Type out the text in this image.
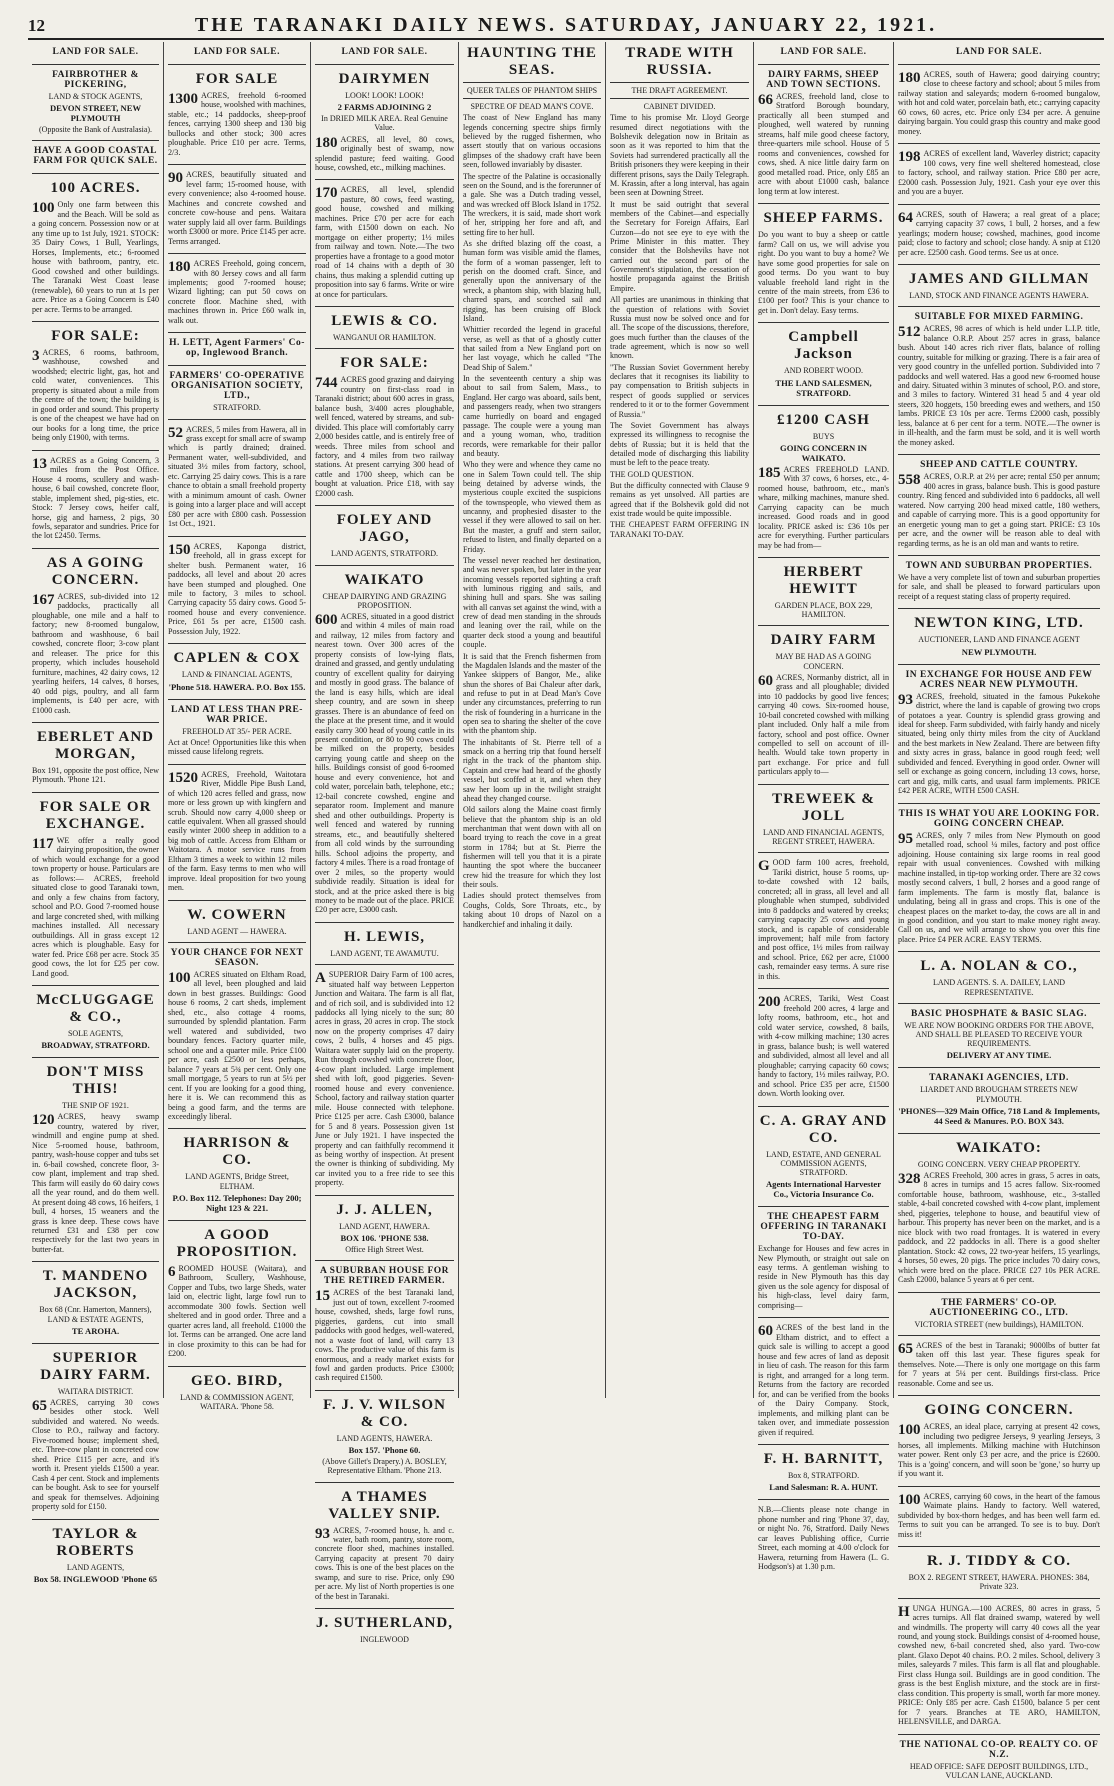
12	THE TARANAKI DAILY NEWS. SATURDAY, JANUARY 22, 1921.
LAND FOR SALE.
FAIRBROTHER & PICKERING,
LAND & STOCK AGENTS,
DEVON STREET, NEW PLYMOUTH
(Opposite the Bank of Australasia).
HAVE A GOOD COASTAL FARM FOR QUICK SALE.
100 ACRES.
100 Only one farm between this and the Beach. Will be sold as a going concern. Possession now or at any time up to 1st July, 1921. STOCK: 35 Dairy Cows, 1 Bull, Yearlings, Horses, Implements, etc.; 6-roomed house with bathroom, pantry, etc. Good cowshed and other buildings. The Taranaki West Coast lease (renewable), 60 years to run at 1s per acre. Price as a Going Concern is £40 per acre. Terms to be arranged.
FOR SALE:
3 ACRES, 6 rooms, bathroom, washhouse, cowshed and woodshed; electric light, gas, hot and cold water, conveniences. This property is situated about a mile from the centre of the town; the building is in good order and sound. This property is one of the cheapest we have had on our books for a long time, the price being only £1900, with terms.
13 ACRES as a Going Concern, 3 miles from the Post Office. House 4 rooms, scullery and wash-house, 6 bail cowshed, concrete floor, stable, implement shed, pig-sties, etc. Stock: 7 Jersey cows, heifer calf, horse, gig and harness, 2 pigs, 30 fowls, separator and sundries. Price for the lot £2450. Terms.
AS A GOING CONCERN.
167 ACRES, sub-divided into 12 paddocks, practically all ploughable, one mile and a half to factory; new 8-roomed bungalow, bathroom and washhouse, 6 bail cowshed, concrete floor; 3-cow plant and releaser. The price for this property, which includes household furniture, machines, 42 dairy cows, 12 yearling heifers, 14 calves, 8 horses, 40 odd pigs, poultry, and all farm implements, is £40 per acre, with £1000 cash.
EBERLET AND MORGAN,
Box 191, opposite the post office, New Plymouth. 'Phone 121.
FOR SALE OR EXCHANGE.
117 WE offer a really good dairying proposition, the owner of which would exchange for a good town property or house. Particulars are as follows:— ACRES, freehold situated close to good Taranaki town, and only a few chains from factory, school and P.O. Good 7-roomed house and large concreted shed, with milking machines installed. All necessary outbuildings. All in grass except 12 acres which is ploughable. Easy for water fed. Price £68 per acre. Stock 35 good cows, the lot for £25 per cow. Land good.
McCLUGGAGE & CO.,
SOLE AGENTS,
BROADWAY, STRATFORD.
DON'T MISS THIS!
THE SNIP OF 1921.
120 ACRES, heavy swamp country, watered by river, windmill and engine pump at shed. Nice 5-roomed house, bathroom, pantry, wash-house copper and tubs set in. 6-bail cowshed, concrete floor, 3-cow plant, implement and trap shed. This farm will easily do 60 dairy cows all the year round, and do them well. At present doing 48 cows, 16 heifers, 1 bull, 4 horses, 15 weaners and the grass is knee deep. These cows have returned £31 and £38 per cow respectively for the last two years in butter-fat.
T. MANDENO JACKSON,
Box 68 (Cnr. Hamerton, Manners), LAND & ESTATE AGENTS,
TE AROHA.
SUPERIOR DAIRY FARM.
WAITARA DISTRICT.
65 ACRES, carrying 30 cows besides other stock. Well subdivided and watered. No weeds. Close to P.O., railway and factory. Five-roomed house; implement shed, etc. Three-cow plant in concreted cow shed. Price £115 per acre, and it's worth it. Present yields £1500 a year. Cash 4 per cent. Stock and implements can be bought. Ask to see for yourself and speak for themselves. Adjoining property sold for £150.
TAYLOR & ROBERTS
LAND AGENTS,
Box 58. INGLEWOOD 'Phone 65
LAND FOR SALE.
FOR SALE
1300 ACRES, freehold 6-roomed house, woolshed with machines, stable, etc.; 14 paddocks, sheep-proof fences, carrying 1300 sheep and 130 big bullocks and other stock; 300 acres ploughable. Price £10 per acre. Terms, 2/3.
90 ACRES, beautifully situated and level farm; 15-roomed house, with every convenience; also 4-roomed house. Machines and concrete cowshed and concrete cow-house and pens. Waitara water supply laid all over farm. Buildings worth £3000 or more. Price £145 per acre. Terms arranged.
180 ACRES Freehold, going concern, with 80 Jersey cows and all farm implements; good 7-roomed house; Wizard lighting; can put 50 cows on concrete floor. Machine shed, with machines thrown in. Price £60 walk in, walk out.
H. LETT, Agent Farmers' Co-op, Inglewood Branch.
FARMERS' CO-OPERATIVE ORGANISATION SOCIETY, LTD.,
STRATFORD.
52 ACRES, 5 miles from Hawera, all in grass except for small acre of swamp which is partly drained; drained. Permanent water, well-subdivided, and situated 3½ miles from factory, school, etc. Carrying 25 dairy cows. This is a rare chance to obtain a small freehold property with a minimum amount of cash. Owner is going into a larger place and will accept £80 per acre with £800 cash. Possession 1st Oct., 1921.
150 ACRES, Kaponga district, freehold, all in grass except for shelter bush. Permanent water, 16 paddocks, all level and about 20 acres have been stumped and ploughed. One mile to factory, 3 miles to school. Carrying capacity 55 dairy cows. Good 5-roomed house and every convenience. Price, £61 5s per acre, £1500 cash. Possession July, 1922.
CAPLEN & COX
LAND & FINANCIAL AGENTS,
'Phone 518. HAWERA. P.O. Box 155.
LAND AT LESS THAN PRE-WAR PRICE.
FREEHOLD AT 35/- PER ACRE.
Act at Once! Opportunities like this when missed cause lifelong regrets.
1520 ACRES, Freehold, Waitotara River, Middle Pipe Bush Land, of which 120 acres felled and grass, now more or less grown up with kingfern and scrub. Should now carry 4,000 sheep or cattle equivalent. When all grassed should easily winter 2000 sheep in addition to a big mob of cattle. Access from Eltham or Waitotara. A motor service runs from Eltham 3 times a week to within 12 miles of the farm. Easy terms to men who will improve. Ideal proposition for two young men.
W. COWERN
LAND AGENT — HAWERA.
YOUR CHANCE FOR NEXT SEASON.
100 ACRES situated on Eltham Road, all level, been ploughed and laid down in best grasses. Buildings: Good house 6 rooms, 2 cart sheds, implement shed, etc., also cottage 4 rooms, surrounded by splendid plantation. Farm well watered and subdivided, two boundary fences. Factory quarter mile, school one and a quarter mile. Price £100 per acre, cash £2500 or less perhaps, balance 7 years at 5¾ per cent. Only one small mortgage, 5 years to run at 5½ per cent. If you are looking for a good thing, here it is. We can recommend this as being a good farm, and the terms are exceedingly liberal.
HARRISON & CO.
LAND AGENTS, Bridge Street, ELTHAM.
P.O. Box 112. Telephones: Day 200; Night 123 & 221.
A GOOD PROPOSITION.
6 ROOMED HOUSE (Waitara), and Bathroom, Scullery, Washhouse, Copper and Tubs, two large Sheds, water laid on, electric light, large fowl run to accommodate 300 fowls. Section well sheltered and in good order. Three and a quarter acres land, all freehold. £1000 the lot. Terms can be arranged. One acre land in close proximity to this can be had for £200.
GEO. BIRD,
LAND & COMMISSION AGENT, WAITARA. 'Phone 58.
LAND FOR SALE.
DAIRYMEN
LOOK! LOOK! LOOK!
2 FARMS ADJOINING 2
In DRIED MILK AREA. Real Genuine Value.
180 ACRES, all level, 80 cows, originally best of swamp, now splendid pasture; feed waiting. Good house, cowshed, etc., milking machines.
170 ACRES, all level, splendid pasture, 80 cows, feed wasting, good house, cowshed and milking machines. Price £70 per acre for each farm, with £1500 down on each. No mortgage on either property; 1½ miles from railway and town. Note.—The two properties have a frontage to a good motor road of 14 chains with a depth of 30 chains, thus making a splendid cutting up proposition into say 6 farms. Write or wire at once for particulars.
LEWIS & CO.
WANGANUI OR HAMILTON.
FOR SALE:
744 ACRES good grazing and dairying country on first-class road in Taranaki district; about 600 acres in grass, balance bush, 3/400 acres ploughable, well fenced, watered by streams, and sub-divided. This place will comfortably carry 2,000 besides cattle, and is entirely free of weeds. Three miles from school and factory, and 4 miles from two railway stations. At present carrying 300 head of cattle and 1700 sheep, which can be bought at valuation. Price £18, with say £2000 cash.
FOLEY AND JAGO,
LAND AGENTS, STRATFORD.
WAIKATO
CHEAP DAIRYING AND GRAZING PROPOSITION.
600 ACRES, situated in a good district and within 4 miles of main road and railway, 12 miles from factory and nearest town. Over 300 acres of the property consists of low-lying flats, drained and grassed, and gently undulating country of excellent quality for dairying and mostly in good grass. The balance of the land is easy hills, which are ideal sheep country, and are sown in sheep grasses. There is an abundance of feed on the place at the present time, and it would easily carry 300 head of young cattle in its present condition, or 80 to 90 cows could be milked on the property, besides carrying young cattle and sheep on the hills. Buildings consist of good 6-roomed house and every convenience, hot and cold water, porcelain bath, telephone, etc.; 12-bail concrete cowshed, engine and separator room. Implement and manure shed and other outbuildings. Property is well fenced and watered by running streams, etc., and beautifully sheltered from all cold winds by the surrounding hills. School adjoins the property, and factory 4 miles. There is a road frontage of over 2 miles, so the property would subdivide readily. Situation is ideal for stock, and at the price asked there is big money to be made out of the place. PRICE £20 per acre, £3000 cash.
H. LEWIS,
LAND AGENT, TE AWAMUTU.
ASUPERIOR Dairy Farm of 100 acres, situated half way between Lepperton Junction and Waitara. The farm is all flat, and of rich soil, and is subdivided into 12 paddocks all lying nicely to the sun; 80 acres in grass, 20 acres in crop. The stock now on the property comprises 47 dairy cows, 2 bulls, 4 horses and 45 pigs. Waitara water supply laid on the property. Run through cowshed with concrete floor, 4-cow plant included. Large implement shed with loft, good piggeries. Seven-roomed house and every convenience. School, factory and railway station quarter mile. House connected with telephone. Price £125 per acre. Cash £3000, balance for 5 and 8 years. Possession given 1st June or July 1921. I have inspected the property and can faithfully recommend it as being worthy of inspection. At present the owner is thinking of subdividing. My car invited you to a free ride to see this property.
J. J. ALLEN,
LAND AGENT, HAWERA.
BOX 106. 'PHONE 538.
Office High Street West.
A SUBURBAN HOUSE FOR THE RETIRED FARMER.
15 ACRES of the best Taranaki land, just out of town, excellent 7-roomed house, cowshed, sheds, large fowl runs, piggeries, gardens, cut into small paddocks with good hedges, well-watered, not a waste foot of land, will carry 13 cows. The productive value of this farm is enormous, and a ready market exists for fowl and garden products. Price £3000; cash required £1500.
F. J. V. WILSON & CO.
LAND AGENTS, HAWERA.
Box 157. 'Phone 60.
(Above Gillet's Drapery.) A. BOSLEY, Representative Eltham. 'Phone 213.
A THAMES VALLEY SNIP.
93 ACRES, 7-roomed house, h. and c. water, bath room, pantry, store room, concrete floor shed, machines installed. Carrying capacity at present 70 dairy cows. This is one of the best places on the swamp, and sure to rise. Price, only £90 per acre. My list of North properties is one of the best in Taranaki.
J. SUTHERLAND,
INGLEWOOD
HAUNTING THE SEAS.
QUEER TALES OF PHANTOM SHIPS
SPECTRE OF DEAD MAN'S COVE.
The coast of New England has many legends concerning spectre ships firmly believed by the rugged fishermen, who assert stoutly that on various occasions glimpses of the shadowy craft have been seen, followed invariably by disaster.
The spectre of the Palatine is occasionally seen on the Sound, and is the forerunner of a gale. She was a Dutch trading vessel, and was wrecked off Block Island in 1752. The wreckers, it is said, made short work of her, stripping her fore and aft, and setting fire to her hull.
As she drifted blazing off the coast, a human form was visible amid the flames, the form of a woman passenger, left to perish on the doomed craft. Since, and generally upon the anniversary of the wreck, a phantom ship, with blazing hull, charred spars, and scorched sail and rigging, has been cruising off Block Island.
Whittier recorded the legend in graceful verse, as well as that of a ghostly cutter that sailed from a New England port on her last voyage, which he called "The Dead Ship of Salem."
In the seventeenth century a ship was about to sail from Salem, Mass., to England. Her cargo was aboard, sails bent, and passengers ready, when two strangers came hurriedly on board and engaged passage. The couple were a young man and a young woman, who, tradition records, were remarkable for their pallor and beauty.
Who they were and whence they came no one in Salem Town could tell. The ship being detained by adverse winds, the mysterious couple excited the suspicions of the townspeople, who viewed them as uncanny, and prophesied disaster to the vessel if they were allowed to sail on her. But the master, a gruff and stern sailor, refused to listen, and finally departed on a Friday.
The vessel never reached her destination, and was never spoken, but later in the year incoming vessels reported sighting a craft with luminous rigging and sails, and shining hull and spars. She was sailing with all canvas set against the wind, with a crew of dead men standing in the shrouds and leaning over the rail, while on the quarter deck stood a young and beautiful couple.
It is said that the French fishermen from the Magdalen Islands and the master of the Yankee skippers of Bangor, Me., alike shun the shores of Bai Chaleur after dark, and refuse to put in at Dead Man's Cove under any circumstances, preferring to run the risk of foundering in a hurricane in the open sea to sharing the shelter of the cove with the phantom ship.
The inhabitants of St. Pierre tell of a smack on a herring trip that found herself right in the track of the phantom ship. Captain and crew had heard of the ghostly vessel, but scoffed at it, and when they saw her loom up in the twilight straight ahead they changed course.
Old sailors along the Maine coast firmly believe that the phantom ship is an old merchantman that went down with all on board trying to reach the cove in a great storm in 1784; but at St. Pierre the fishermen will tell you that it is a pirate haunting the spot where the buccaneer crew hid the treasure for which they lost their souls.
Ladies should protect themselves from Coughs, Colds, Sore Throats, etc., by taking about 10 drops of Nazol on a handkerchief and inhaling it daily.
TRADE WITH RUSSIA.
THE DRAFT AGREEMENT.
CABINET DIVIDED.
Time to his promise Mr. Lloyd George resumed direct negotiations with the Bolshevik delegation now in Britain as soon as it was reported to him that the Soviets had surrendered practically all the British prisoners they were keeping in their different prisons, says the Daily Telegraph. M. Krassin, after a long interval, has again been seen at Downing Street.
It must be said outright that several members of the Cabinet—and especially the Secretary for Foreign Affairs, Earl Curzon—do not see eye to eye with the Prime Minister in this matter. They consider that the Bolsheviks have not carried out the second part of the Government's stipulation, the cessation of hostile propaganda against the British Empire.
All parties are unanimous in thinking that the question of relations with Soviet Russia must now be solved once and for all. The scope of the discussions, therefore, goes much further than the clauses of the trade agreement, which is now so well known.
"The Russian Soviet Government hereby declares that it recognises its liability to pay compensation to British subjects in respect of goods supplied or services rendered to it or to the former Government of Russia."
The Soviet Government has always expressed its willingness to recognise the debts of Russia; but it is held that the detailed mode of discharging this liability must be left to the peace treaty.
THE GOLD QUESTION.
But the difficulty connected with Clause 9 remains as yet unsolved. All parties are agreed that if the Bolshevik gold did not exist trade would be quite impossible.
THE CHEAPEST FARM OFFERING IN TARANAKI TO-DAY.
LAND FOR SALE.
DAIRY FARMS, SHEEP AND TOWN SECTIONS.
66 ACRES, freehold land, close to Stratford Borough boundary, practically all been stumped and ploughed, well watered by running streams, half mile good cheese factory, three-quarters mile school. House of 5 rooms and conveniences, cowshed for cows, shed. A nice little dairy farm on good metalled road. Price, only £85 an acre with about £1000 cash, balance long term at low interest.
SHEEP FARMS.
Do you want to buy a sheep or cattle farm? Call on us, we will advise you right. Do you want to buy a home? We have some good properties for sale on good terms. Do you want to buy valuable freehold land right in the centre of the main streets, from £36 to £100 per foot? This is your chance to get in. Don't delay. Easy terms.
Campbell Jackson
AND ROBERT WOOD.
THE LAND SALESMEN, STRATFORD.
£1200 CASH
BUYS
GOING CONCERN IN WAIKATO.
185 ACRES FREEHOLD LAND. With 37 cows, 6 horses, etc., 4-roomed house, bathroom, etc., man's whare, milking machines, manure shed. Carrying capacity can be much increased. Good roads and in good locality. PRICE asked is: £36 10s per acre for everything. Further particulars may be had from—
HERBERT HEWITT
GARDEN PLACE, BOX 229, HAMILTON.
DAIRY FARM
MAY BE HAD AS A GOING CONCERN.
60 ACRES, Normanby district, all in grass and all ploughable; divided into 10 paddocks by good live fences; carrying 40 cows. Six-roomed house, 10-bail concreted cowshed with milking plant included. Only half a mile from factory, school and post office. Owner compelled to sell on account of ill-health. Would take town property in part exchange. For price and full particulars apply to—
TREWEEK & JOLL
LAND AND FINANCIAL AGENTS, REGENT STREET, HAWERA.
GOOD farm 100 acres, freehold, Tariki district, house 5 rooms, up-to-date cowshed with 12 bails, concreted; all in grass, all level and all ploughable when stumped, subdivided into 8 paddocks and watered by creeks; carrying capacity 25 cows and young stock, and is capable of considerable improvement; half mile from factory and post office, 1½ miles from railway and school. Price, £62 per acre, £1000 cash, remainder easy terms. A sure rise in this.
200 ACRES, Tariki, West Coast freehold 200 acres, 4 large and lofty rooms, bathroom, etc., hot and cold water service, cowshed, 8 bails, with 4-cow milking machine; 130 acres in grass, balance bush; is well watered and subdivided, almost all level and all ploughable; carrying capacity 60 cows; handy to factory, 1½ miles railway, P.O. and school. Price £35 per acre, £1500 down. Worth looking over.
C. A. GRAY AND CO.
LAND, ESTATE, AND GENERAL COMMISSION AGENTS, STRATFORD.
Agents International Harvester Co., Victoria Insurance Co.
THE CHEAPEST FARM OFFERING IN TARANAKI TO-DAY.
Exchange for Houses and few acres in New Plymouth, or straight out sale on easy terms. A gentleman wishing to reside in New Plymouth has this day given us the sole agency for disposal of his high-class, level dairy farm, comprising—
60 ACRES of the best land in the Eltham district, and to effect a quick sale is willing to accept a good house and few acres of land as deposit in lieu of cash. The reason for this farm is right, and arranged for a long term. Returns from the factory are recorded for, and can be verified from the books of the Dairy Company. Stock, implements, and milking plant can be taken over, and immediate possession given if required.
F. H. BARNITT,
Box 8, STRATFORD.
Land Salesman: R. A. HUNT.
N.B.—Clients please note change in phone number and ring 'Phone 37, day, or night No. 76, Stratford. Daily News car leaves Publishing office, Currie Street, each morning at 4.00 o'clock for Hawera, returning from Hawera (L. G. Hodgson's) at 1.30 p.m.
LAND FOR SALE.
180 ACRES, south of Hawera; good dairying country; close to cheese factory and school; about 5 miles from railway station and saleyards; modern 6-roomed bungalow, with hot and cold water, porcelain bath, etc.; carrying capacity 60 cows, 60 acres, etc. Price only £34 per acre. A genuine dairying bargain. You could grasp this country and make good money.
198 ACRES of excellent land, Waverley district; capacity 100 cows, very fine well sheltered homestead, close to factory, school, and railway station. Price £80 per acre, £2000 cash. Possession July, 1921. Cash your eye over this and you are a buyer.
64 ACRES, south of Hawera; a real great of a place; carrying capacity 37 cows, 1 bull, 2 horses, and a few yearlings; modern house; cowshed, machines, good income paid; close to factory and school; close handy. A snip at £120 per acre. £2500 cash. Good terms. See us at once.
JAMES AND GILLMAN
LAND, STOCK AND FINANCE AGENTS HAWERA.
SUITABLE FOR MIXED FARMING.
512 ACRES, 98 acres of which is held under L.I.P. title, balance O.R.P. About 257 acres in grass, balance bush. About 140 acres rich river flats, balance of rolling country, suitable for milking or grazing. There is a fair area of very good country in the unfelled portion. Subdivided into 7 paddocks and well watered. Has a good new 6-roomed house and dairy. Situated within 3 minutes of school, P.O. and store, and 3 miles to factory. Wintered 31 head 5 and 4 year old steers, 320 hoggets, 150 breeding ewes and wethers, and 150 lambs. PRICE £3 10s per acre. Terms £2000 cash, possibly less, balance at 6 per cent for a term. NOTE.—The owner is in ill-health, and the farm must be sold, and it is well worth the money asked.
SHEEP AND CATTLE COUNTRY.
558 ACRES, O.R.P. at 2½ per acre; rental £50 per annum; 400 acres in grass, balance bush. This is good pasture country. Ring fenced and subdivided into 6 paddocks, all well watered. Now carrying 200 head mixed cattle, 180 wethers, and capable of carrying more. This is a good opportunity for an energetic young man to get a going start. PRICE: £3 10s per acre, and the owner will be reason able to deal with regarding terms, as he is an old man and wants to retire.
TOWN AND SUBURBAN PROPERTIES.
We have a very complete list of town and suburban properties for sale, and shall be pleased to forward particulars upon receipt of a request stating class of property required.
NEWTON KING, LTD.
AUCTIONEER, LAND AND FINANCE AGENT
NEW PLYMOUTH.
IN EXCHANGE FOR HOUSE AND FEW ACRES NEAR NEW PLYMOUTH.
93 ACRES, freehold, situated in the famous Pukekohe district, where the land is capable of growing two crops of potatoes a year. Country is splendid grass growing and ideal for sheep. Farm subdivided, with fairly handy and nicely situated, being only thirty miles from the city of Auckland and the best markets in New Zealand. There are between fifty and sixty acres in grass, balance in good rough feed; well subdivided and fenced. Everything in good order. Owner will sell or exchange as going concern, including 13 cows, horse, cart and gig, milk carts, and usual farm implements. PRICE £42 PER ACRE, WITH £500 CASH.
THIS IS WHAT YOU ARE LOOKING FOR. GOING CONCERN CHEAP.
95 ACRES, only 7 miles from New Plymouth on good metalled road, school ¼ miles, factory and post office adjoining. House containing six large rooms in real good repair with usual conveniences. Cowshed with milking machine installed, in tip-top working order. There are 32 cows mostly second calvers, 1 bull, 2 horses and a good range of farm implements. The farm is mostly flat, balance is undulating, being all in grass and crops. This is one of the cheapest places on the market to-day, the cows are all in and in good condition, and you start to make money right away. Call on us, and we will arrange to show you over this fine place. Price £4 PER ACRE. EASY TERMS.
L. A. NOLAN & CO.,
LAND AGENTS. S. A. DAILEY, LAND REPRESENTATIVE.
BASIC PHOSPHATE & BASIC SLAG.
WE ARE NOW BOOKING ORDERS FOR THE ABOVE, AND SHALL BE PLEASED TO RECEIVE YOUR REQUIREMENTS.
DELIVERY AT ANY TIME.
TARANAKI AGENCIES, LTD.
LIARDET AND BROUGHAM STREETS NEW PLYMOUTH.
'PHONES—329 Main Office, 718 Land & Implements, 44 Seed & Manures. P.O. BOX 343.
WAIKATO:
GOING CONCERN. VERY CHEAP PROPERTY.
328 ACRES Freehold, 300 acres in grass, 5 acres in oats, 8 acres in turnips and 15 acres fallow. Six-roomed comfortable house, bathroom, washhouse, etc., 3-stalled stable, 4-bail concreted cowshed with 4-cow plant, implement shed, piggeries, telephone to house, and beautiful view of harbour. This property has never been on the market, and is a nice block with two road frontages. It is watered in every paddock, and 22 paddocks in all. There is a good shelter plantation. Stock: 42 cows, 22 two-year heifers, 15 yearlings, 4 horses, 50 ewes, 20 pigs. The price includes 70 dairy cows, which were bred on the place. PRICE £27 10s PER ACRE. Cash £2000, balance 5 years at 6 per cent.
THE FARMERS' CO-OP. AUCTIONEERING CO., LTD.
VICTORIA STREET (new buildings), HAMILTON.
65 ACRES of the best in Taranaki; 9000lbs of butter fat taken off this last year. These figures speak for themselves. Note.—There is only one mortgage on this farm for 7 years at 5¼ per cent. Buildings first-class. Price reasonable. Come and see us.
GOING CONCERN.
100 ACRES, an ideal place, carrying at present 42 cows, including two pedigree Jerseys, 9 yearling Jerseys, 3 horses, all implements. Milking machine with Hutchinson water power. Rent only £3 per acre, and the price is £2600. This is a 'going' concern, and will soon be 'gone,' so hurry up if you want it.
100 ACRES, carrying 60 cows, in the heart of the famous Waimate plains. Handy to factory. Well watered, subdivided by box-thorn hedges, and has been well farm ed. Terms to suit you can be arranged. To see is to buy. Don't miss it!
R. J. TIDDY & CO.
BOX 2. REGENT STREET, HAWERA. PHONES: 384, Private 323.
HUNGA HUNGA.—100 ACRES, 80 acres in grass, 5 acres turnips. All flat drained swamp, watered by well and windmills. The property will carry 40 cows all the year round, and young stock. Buildings consist of 4-roomed house, cowshed new, 6-bail concreted shed, also yard. Two-cow plant. Glaxo Depot 40 chains. P.O. 2 miles. School, delivery 3 miles, saleyards 7 miles. This farm is all flat and ploughable. First class Hunga soil. Buildings are in good condition. The grass is the best English mixture, and the stock are in first-class condition. This property is small, worth far more money. PRICE: Only £85 per acre. Cash £1500, balance 5 per cent for 7 years. Branches at TE ARO, HAMILTON, HELENSVILLE, and DARGA.
THE NATIONAL CO-OP. REALTY CO. OF N.Z.
HEAD OFFICE: SAFE DEPOSIT BUILDINGS, LTD., VULCAN LANE, AUCKLAND.
